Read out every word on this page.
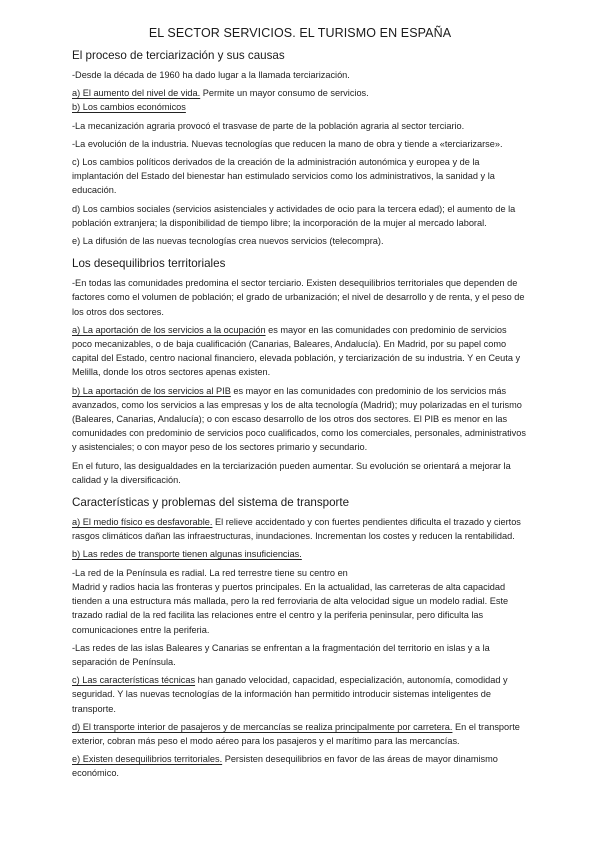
EL SECTOR SERVICIOS. EL TURISMO EN ESPAÑA
El proceso de terciarización y sus causas

-Desde la década de 1960 ha dado lugar a la llamada terciarización.

a) El aumento del nivel de vida. Permite un mayor consumo de servicios.

b) Los cambios económicos

-La mecanización agraria provocó el trasvase de parte de la población agraria al sector terciario.

-La evolución de la industria. Nuevas tecnologías que reducen la mano de obra y tiende a «terciarizarse».

c) Los cambios políticos derivados de la creación de la administración autonómica y europea y de la implantación del Estado del bienestar han estimulado servicios como los administrativos, la sanidad y la educación.

d) Los cambios sociales (servicios asistenciales y actividades de ocio para la tercera edad); el aumento de la población extranjera; la disponibilidad de tiempo libre; la incorporación de la mujer al mercado laboral.

e) La difusión de las nuevas tecnologías crea nuevos servicios (telecompra).

Los desequilibrios territoriales

-En todas las comunidades predomina el sector terciario. Existen desequilibrios territoriales que dependen de factores como el volumen de población; el grado de urbanización; el nivel de desarrollo y de renta, y el peso de los otros dos sectores.

a) La aportación de los servicios a la ocupación es mayor en las comunidades con predominio de servicios poco mecanizables, o de baja cualificación (Canarias, Baleares, Andalucía). En Madrid, por su papel como capital del Estado, centro nacional financiero, elevada población, y terciarización de su industria. Y en Ceuta y Melilla, donde los otros sectores apenas existen.

b) La aportación de los servicios al PIB es mayor en las comunidades con predominio de los servicios más avanzados, como los servicios a las empresas y los de alta tecnología (Madrid); muy polarizadas en el turismo (Baleares, Canarias, Andalucía); o con escaso desarrollo de los otros dos sectores. El PIB es menor en las comunidades con predominio de servicios poco cualificados, como los comerciales, personales, administrativos y asistenciales; o con mayor peso de los sectores primario y secundario.

En el futuro, las desigualdades en la terciarización pueden aumentar. Su evolución se orientará a mejorar la calidad y la diversificación.

Características y problemas del sistema de transporte

a) El medio físico es desfavorable. El relieve accidentado y con fuertes pendientes dificulta el trazado y ciertos rasgos climáticos dañan las infraestructuras, inundaciones. Incrementan los costes y reducen la rentabilidad.

b) Las redes de transporte tienen algunas insuficiencias.

-La red de la Península es radial. La red terrestre tiene su centro en
Madrid y radios hacia las fronteras y puertos principales. En la actualidad, las carreteras de alta capacidad tienden a una estructura más mallada, pero la red ferroviaria de alta velocidad sigue un modelo radial. Este trazado radial de la red facilita las relaciones entre el centro y la periferia peninsular, pero dificulta las comunicaciones entre la periferia.

-Las redes de las islas Baleares y Canarias se enfrentan a la fragmentación del territorio en islas y a la separación de Península.

c) Las características técnicas han ganado velocidad, capacidad, especialización, autonomía, comodidad y seguridad. Y las nuevas tecnologías de la información han permitido introducir sistemas inteligentes de transporte.

d) El transporte interior de pasajeros y de mercancías se realiza principalmente por carretera. En el transporte exterior, cobran más peso el modo aéreo para los pasajeros y el marítimo para las mercancías.

e) Existen desequilibrios territoriales. Persisten desequilibrios en favor de las áreas de mayor dinamismo económico.
